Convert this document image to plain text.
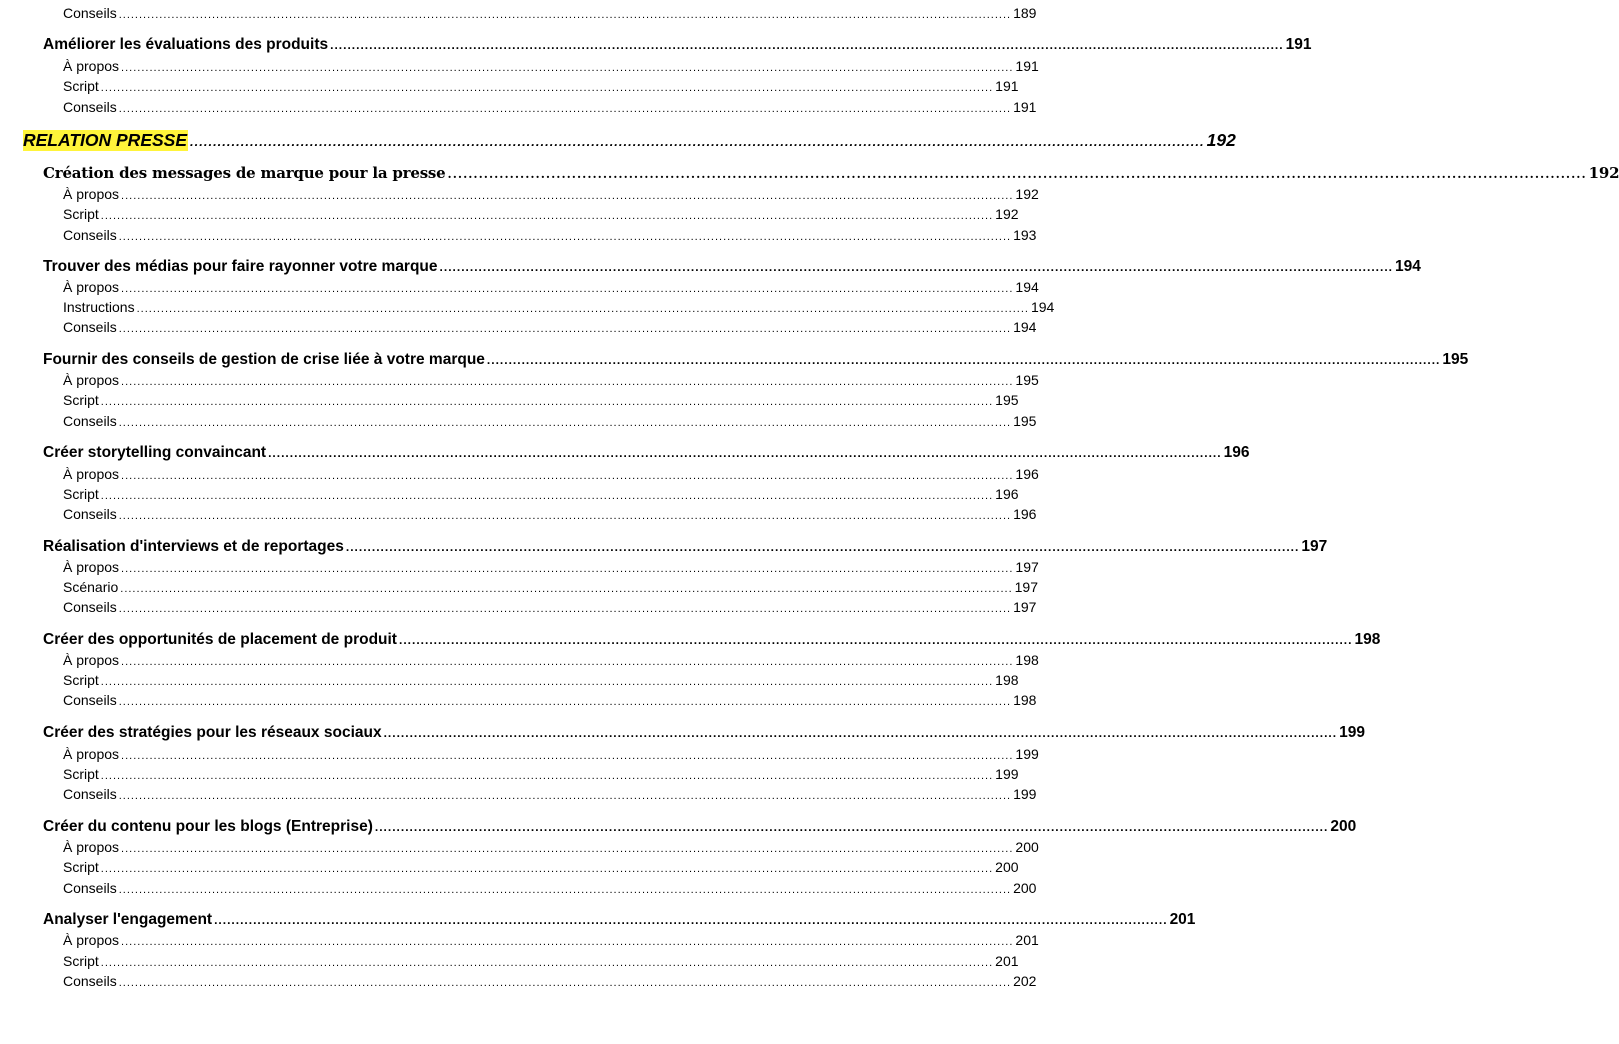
Conseils ............................................................................................................................................................................................................................ 189
Améliorer les évaluations des produits ............................................................................................................................................................................................................................ 191
À propos ............................................................................................................................................................................................................................ 191
Script ............................................................................................................................................................................................................................ 191
Conseils ............................................................................................................................................................................................................................ 191
RELATION PRESSE ............................................................................................................................................................................................................................ 192
Création des messages de marque pour la presse ............................................................................................................................................................................................................................ 192
À propos ............................................................................................................................................................................................................................ 192
Script ............................................................................................................................................................................................................................ 192
Conseils ............................................................................................................................................................................................................................ 193
Trouver des médias pour faire rayonner votre marque ............................................................................................................................................................................................................................ 194
À propos ............................................................................................................................................................................................................................ 194
Instructions ............................................................................................................................................................................................................................ 194
Conseils ............................................................................................................................................................................................................................ 194
Fournir des conseils de gestion de crise liée à votre marque ............................................................................................................................................................................................................................ 195
À propos ............................................................................................................................................................................................................................ 195
Script ............................................................................................................................................................................................................................ 195
Conseils ............................................................................................................................................................................................................................ 195
Créer storytelling convaincant ............................................................................................................................................................................................................................ 196
À propos ............................................................................................................................................................................................................................ 196
Script ............................................................................................................................................................................................................................ 196
Conseils ............................................................................................................................................................................................................................ 196
Réalisation d'interviews et de reportages ............................................................................................................................................................................................................................ 197
À propos ............................................................................................................................................................................................................................ 197
Scénario ............................................................................................................................................................................................................................ 197
Conseils ............................................................................................................................................................................................................................ 197
Créer des opportunités de placement de produit ............................................................................................................................................................................................................................ 198
À propos ............................................................................................................................................................................................................................ 198
Script ............................................................................................................................................................................................................................ 198
Conseils ............................................................................................................................................................................................................................ 198
Créer des stratégies pour les réseaux sociaux ............................................................................................................................................................................................................................ 199
À propos ............................................................................................................................................................................................................................ 199
Script ............................................................................................................................................................................................................................ 199
Conseils ............................................................................................................................................................................................................................ 199
Créer du contenu pour les blogs (Entreprise) ............................................................................................................................................................................................................................ 200
À propos ............................................................................................................................................................................................................................ 200
Script ............................................................................................................................................................................................................................ 200
Conseils ............................................................................................................................................................................................................................ 200
Analyser l'engagement ............................................................................................................................................................................................................................ 201
À propos ............................................................................................................................................................................................................................ 201
Script ............................................................................................................................................................................................................................ 201
Conseils ............................................................................................................................................................................................................................ 202
